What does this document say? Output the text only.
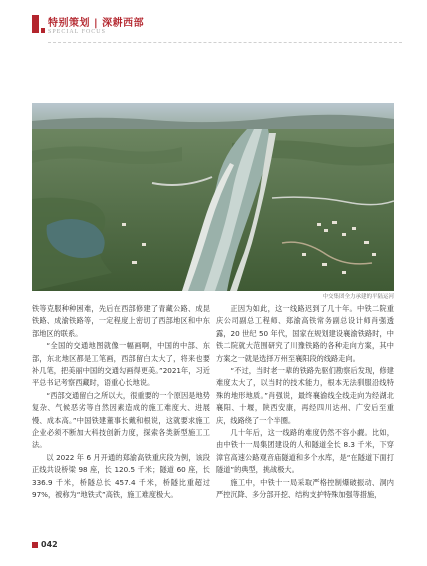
特别策划 | 深耕西部
SPECIAL FOCUS
中交集团全力承建的平陆运河

铁等克服种种困难，先后在西部修建了青藏公路、成昆铁路、成渝铁路等，一定程度上密切了西部地区和中东部地区的联系。

“全国的交通地图就像一幅画啊，中国的中部、东部，东北地区都是工笔画，西部留白太大了，将来也要补几笔，把美丽中国的交通勾画得更美。”2021年，习近平总书记考察西藏时，语重心长地说。

“西部交通留白之所以大，很重要的一个原因是地势复杂、气候恶劣等自然因素造成的施工难度大、进展慢、成本高。”中国铁建董事长戴和根说，这就要求施工企业必须不断加大科技创新力度，探索各类新型施工工法。

以 2022 年 6 月开通的郑渝高铁重庆段为例，该段正线共设桥梁 98 座，长 120.5 千米；隧道 60 座，长 336.9 千米，桥隧总长 457.4 千米，桥隧比重超过 97%，被称为“地铁式”高铁，施工难度极大。

正因为如此，这一线路迟到了几十年。中铁二院重庆公司副总工程师、郑渝高铁常务副总设计师肖强透露，20 世纪 50 年代，国家在规划建设襄渝铁路时，中铁二院就大范围研究了川豫铁路的各种走向方案，其中方案之一就是选择万州至襄阳段的线路走向。

“不过，当时老一辈的铁路先驱们勘察后发现，修建难度太大了，以当时的技术能力，根本无法驯服沿线特殊的地形地质。”肖强说，最终襄渝线全线走向为经湖北襄阳、十堰，陕西安康，再经四川达州、广安后至重庆，线路绕了一个半圈。

几十年后，这一线路的难度仍然不容小觑。比如，由中铁十一局集团建设的人和隧道全长 8.3 千米，下穿漳官高速公路观音庙隧道和多个水库，是“在隧道下面打隧道”的典型，挑战极大。

施工中，中铁十一局采取严格控制爆破振动、洞内严控沉降、多分部开挖、结构支护特殊加强等措施，

042
